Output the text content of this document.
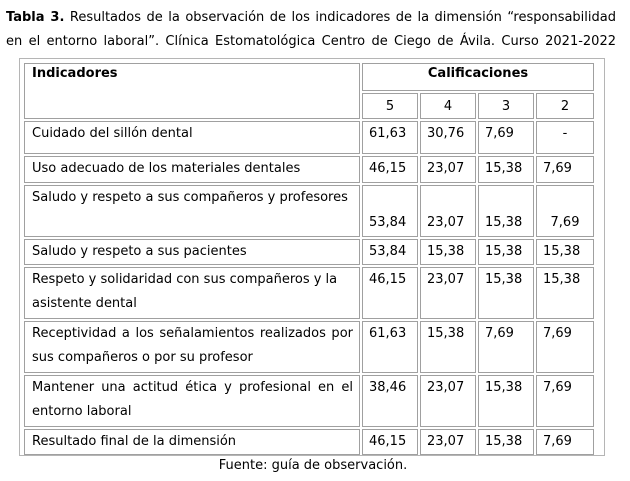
Tabla 3. Resultados de la observación de los indicadores de la dimensión “responsabilidad
en el entorno laboral”. Clínica Estomatológica Centro de Ciego de Ávila. Curso 2021-2022
Indicadores	Calificaciones			
	5	4	3	2
Cuidado del sillón dental	61,63	30,76	7,69	-
Uso adecuado de los materiales dentales	46,15	23,07	15,38	7,69
Saludo y respeto a sus compañeros y profesores	53,84	23,07	15,38	7,69
Saludo y respeto a sus pacientes	53,84	15,38	15,38	15,38
Respeto y solidaridad con sus compañeros y la asistente dental	46,15	23,07	15,38	15,38
Receptividad a los señalamientos realizados por sus compañeros o por su profesor	61,63	15,38	7,69	7,69
Mantener una actitud ética y profesional en el entorno laboral	38,46	23,07	15,38	7,69
Resultado final de la dimensión	46,15	23,07	15,38	7,69
Fuente: guía de observación.
